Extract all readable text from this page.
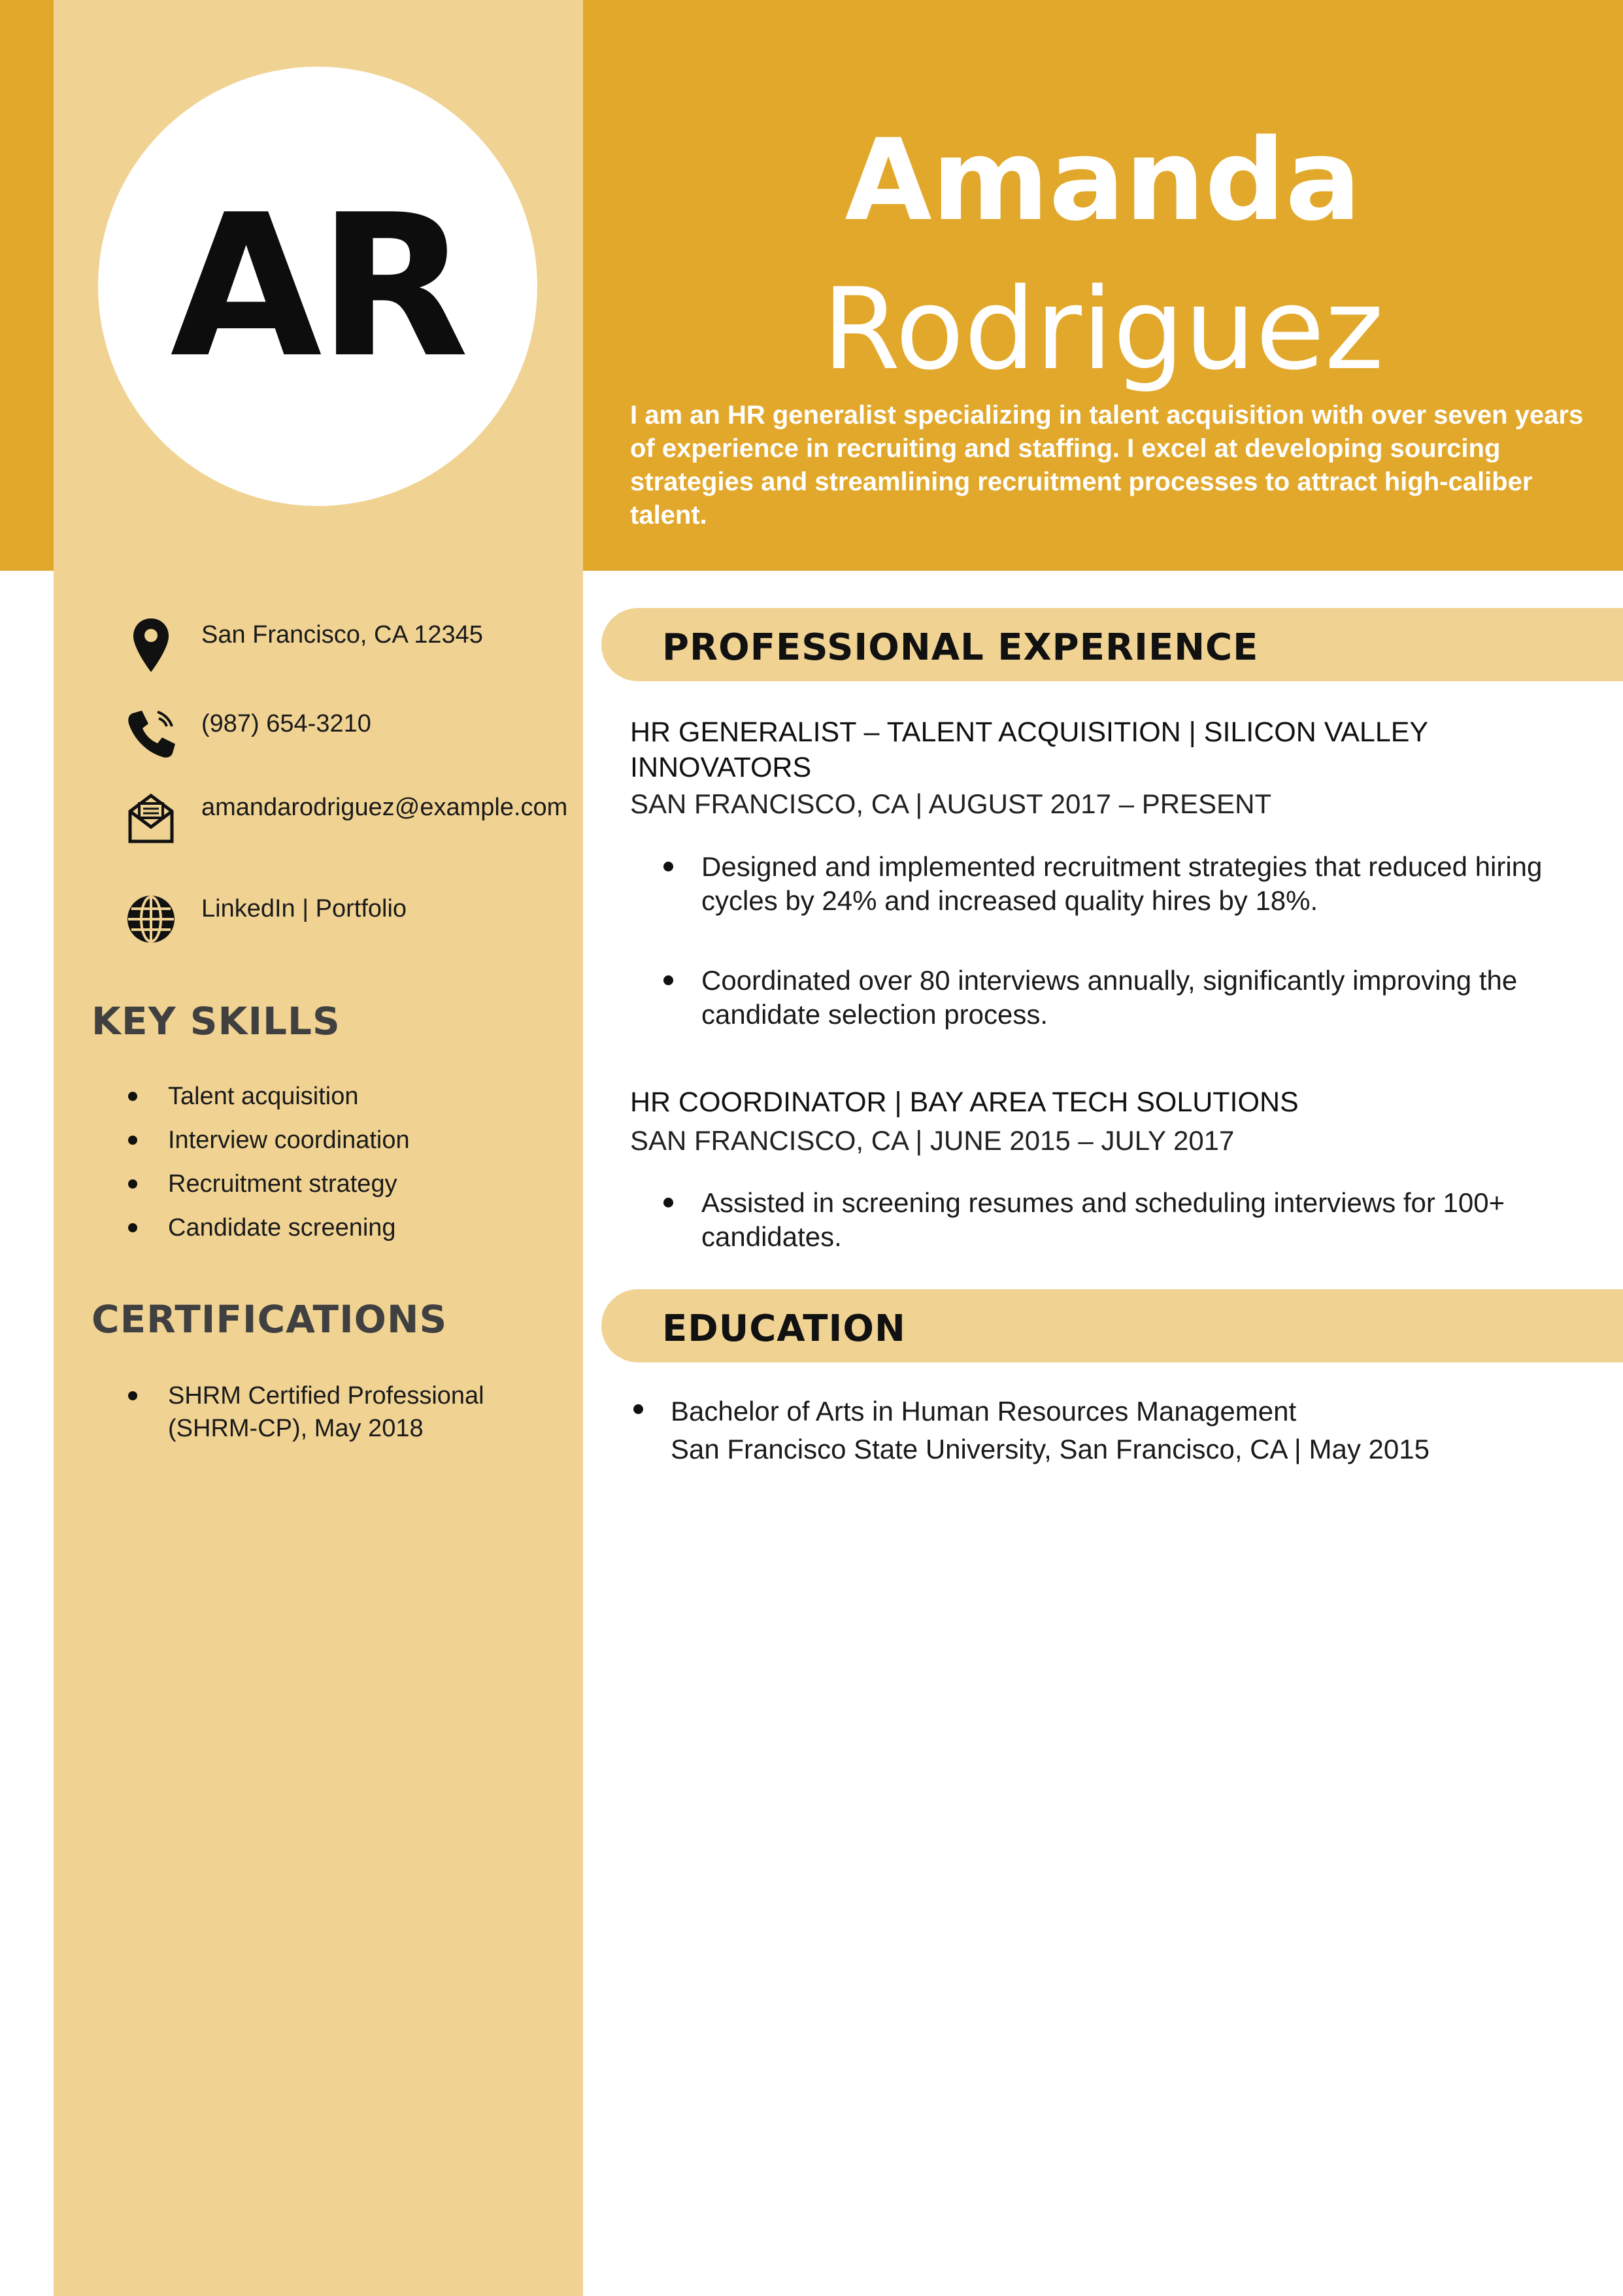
AR	Amanda
Rodriguez
I am an HR generalist specializing in talent acquisition with over seven years of experience in recruiting and staffing. I excel at developing sourcing strategies and streamlining recruitment processes to attract high-caliber talent.
San Francisco, CA 12345
(987) 654-3210
amandarodriguez@example.com
LinkedIn | Portfolio
KEY SKILLS
Talent acquisition
Interview coordination
Recruitment strategy
Candidate screening
CERTIFICATIONS
SHRM Certified Professional (SHRM-CP), May 2018
PROFESSIONAL EXPERIENCE
HR GENERALIST – TALENT ACQUISITION | SILICON VALLEY INNOVATORS
SAN FRANCISCO, CA | AUGUST 2017 – PRESENT
Designed and implemented recruitment strategies that reduced hiring cycles by 24% and increased quality hires by 18%.
Coordinated over 80 interviews annually, significantly improving the candidate selection process.
HR COORDINATOR | BAY AREA TECH SOLUTIONS
SAN FRANCISCO, CA | JUNE 2015 – JULY 2017
Assisted in screening resumes and scheduling interviews for 100+ candidates.
EDUCATION
Bachelor of Arts in Human Resources Management
San Francisco State University, San Francisco, CA | May 2015
